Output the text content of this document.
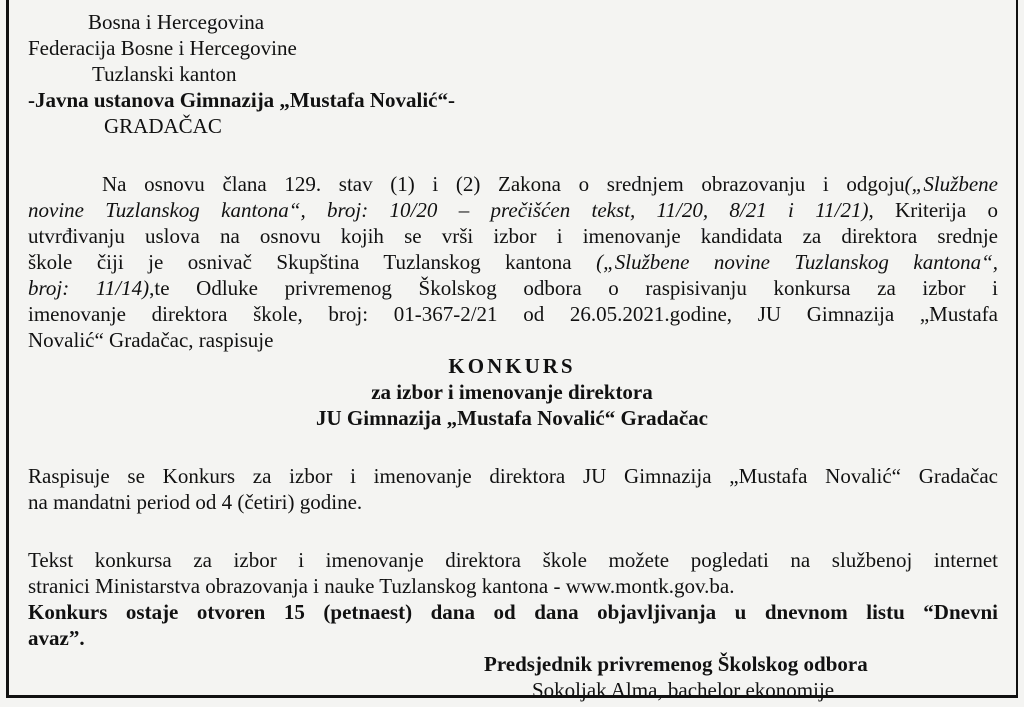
Bosna i Hercegovina
Federacija Bosne i Hercegovine
Tuzlanski kanton
-Javna ustanova Gimnazija „Mustafa Novalić“-
GRADAČAC
Na osnovu člana 129. stav (1) i (2) Zakona o srednjem obrazovanju i odgoju(„Službene
novine Tuzlanskog kantona“, broj: 10/20 – prečišćen tekst, 11/20, 8/21 i 11/21), Kriterija o
utvrđivanju uslova na osnovu kojih se vrši izbor i imenovanje kandidata za direktora srednje
škole čiji je osnivač Skupština Tuzlanskog kantona („Službene novine Tuzlanskog kantona“,
broj: 11/14),te Odluke privremenog Školskog odbora o raspisivanju konkursa za izbor i
imenovanje direktora škole, broj: 01-367-2/21 od 26.05.2021.godine, JU Gimnazija „Mustafa
Novalić“ Gradačac, raspisuje
KONKURS
za izbor i imenovanje direktora
JU Gimnazija „Mustafa Novalić“ Gradačac
Raspisuje se Konkurs za izbor i imenovanje direktora JU Gimnazija „Mustafa Novalić“ Gradačac
na mandatni period od 4 (četiri) godine.
Tekst konkursa za izbor i imenovanje direktora škole možete pogledati na službenoj internet
stranici Ministarstva obrazovanja i nauke Tuzlanskog kantona - www.montk.gov.ba.
Konkurs ostaje otvoren 15 (petnaest) dana od dana objavljivanja u dnevnom listu “Dnevni
avaz”.
Predsjednik privremenog Školskog odbora
Sokoljak Alma, bachelor ekonomije
